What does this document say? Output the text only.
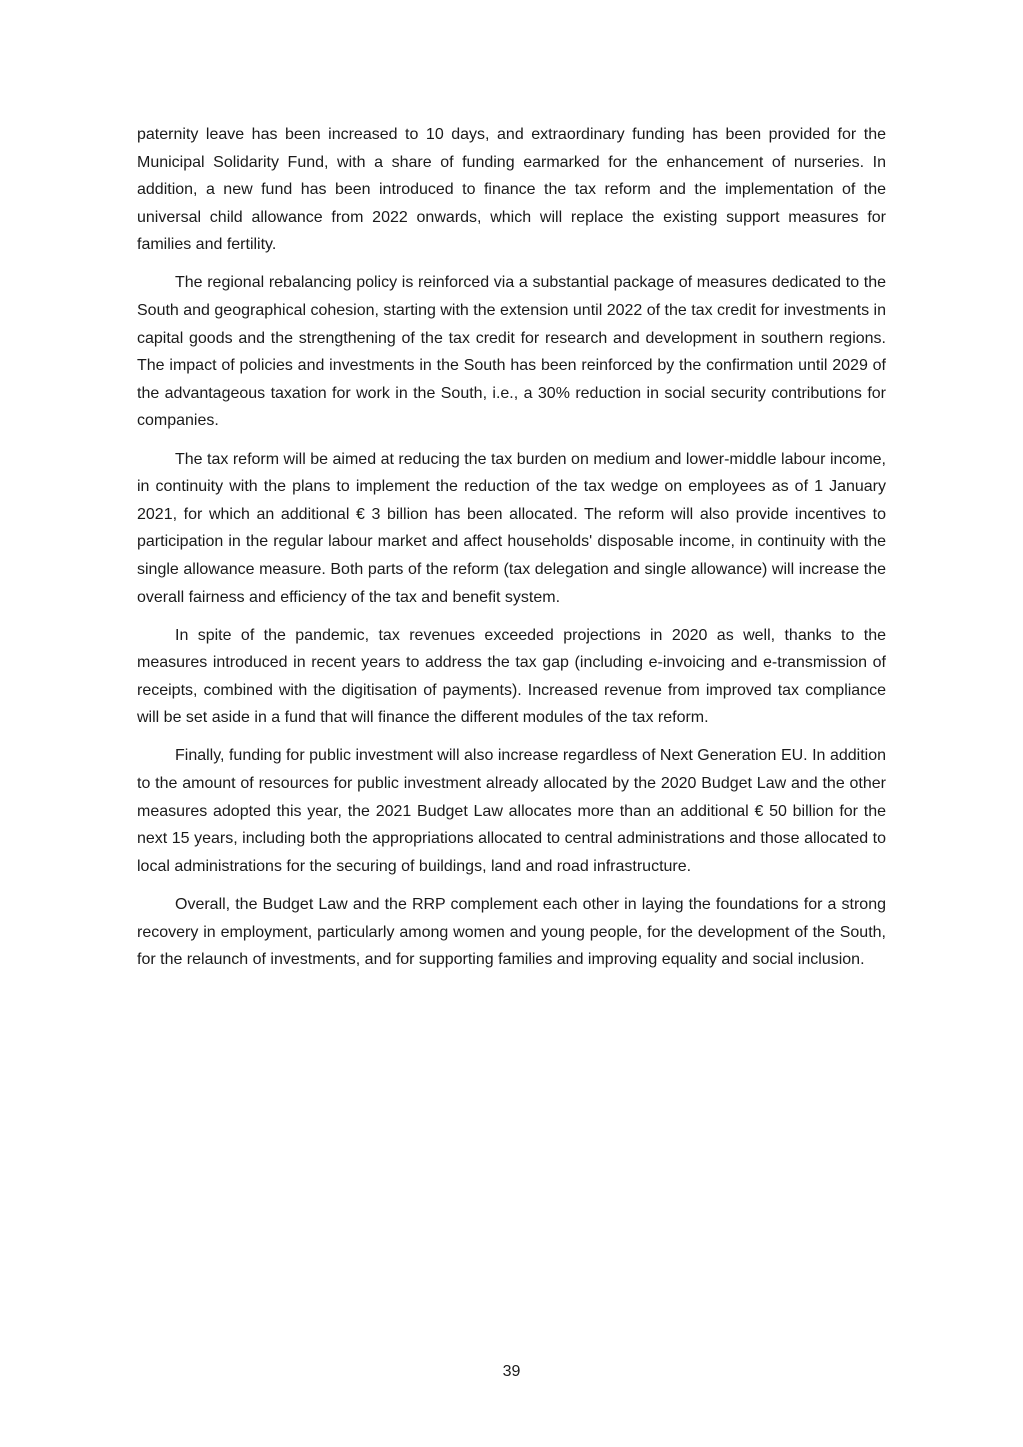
paternity leave has been increased to 10 days, and extraordinary funding has been provided for the Municipal Solidarity Fund, with a share of funding earmarked for the enhancement of nurseries. In addition, a new fund has been introduced to finance the tax reform and the implementation of the universal child allowance from 2022 onwards, which will replace the existing support measures for families and fertility.

The regional rebalancing policy is reinforced via a substantial package of measures dedicated to the South and geographical cohesion, starting with the extension until 2022 of the tax credit for investments in capital goods and the strengthening of the tax credit for research and development in southern regions. The impact of policies and investments in the South has been reinforced by the confirmation until 2029 of the advantageous taxation for work in the South, i.e., a 30% reduction in social security contributions for companies.

The tax reform will be aimed at reducing the tax burden on medium and lower-middle labour income, in continuity with the plans to implement the reduction of the tax wedge on employees as of 1 January 2021, for which an additional € 3 billion has been allocated. The reform will also provide incentives to participation in the regular labour market and affect households' disposable income, in continuity with the single allowance measure. Both parts of the reform (tax delegation and single allowance) will increase the overall fairness and efficiency of the tax and benefit system.

In spite of the pandemic, tax revenues exceeded projections in 2020 as well, thanks to the measures introduced in recent years to address the tax gap (including e-invoicing and e-transmission of receipts, combined with the digitisation of payments). Increased revenue from improved tax compliance will be set aside in a fund that will finance the different modules of the tax reform.

Finally, funding for public investment will also increase regardless of Next Generation EU. In addition to the amount of resources for public investment already allocated by the 2020 Budget Law and the other measures adopted this year, the 2021 Budget Law allocates more than an additional € 50 billion for the next 15 years, including both the appropriations allocated to central administrations and those allocated to local administrations for the securing of buildings, land and road infrastructure.

Overall, the Budget Law and the RRP complement each other in laying the foundations for a strong recovery in employment, particularly among women and young people, for the development of the South, for the relaunch of investments, and for supporting families and improving equality and social inclusion.

39
